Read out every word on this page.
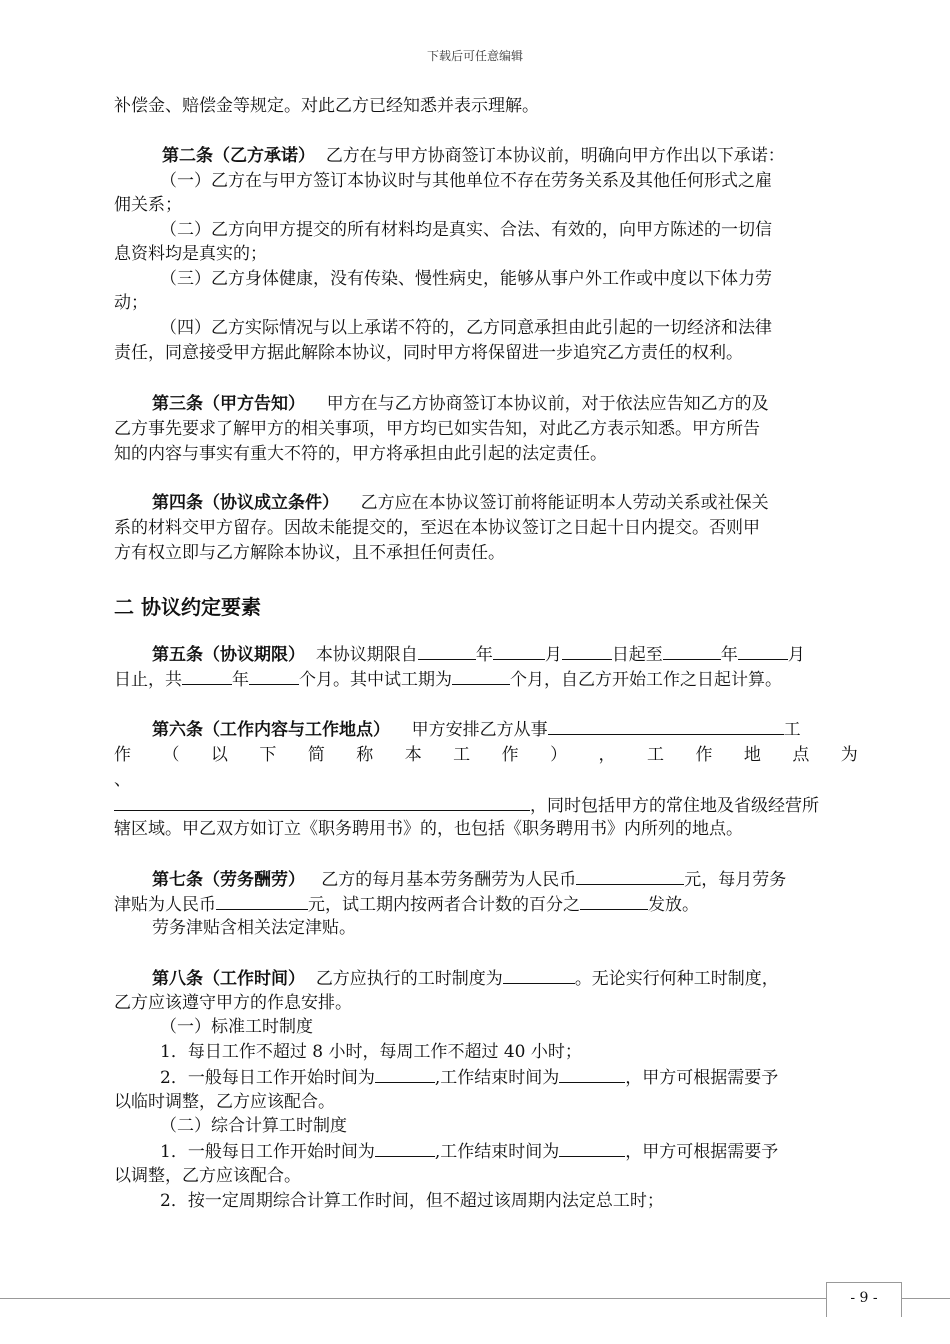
下载后可任意编辑
补偿金、赔偿金等规定。对此乙方已经知悉并表示理解。
第二条（乙方承诺） 乙方在与甲方协商签订本协议前，明确向甲方作出以下承诺：
（一）乙方在与甲方签订本协议时与其他单位不存在劳务关系及其他任何形式之雇
佣关系；
（二）乙方向甲方提交的所有材料均是真实、合法、有效的，向甲方陈述的一切信
息资料均是真实的；
（三）乙方身体健康，没有传染、慢性病史，能够从事户外工作或中度以下体力劳
动；
（四）乙方实际情况与以上承诺不符的，乙方同意承担由此引起的一切经济和法律
责任，同意接受甲方据此解除本协议，同时甲方将保留进一步追究乙方责任的权利。
第三条（甲方告知） 甲方在与乙方协商签订本协议前，对于依法应告知乙方的及
乙方事先要求了解甲方的相关事项，甲方均已如实告知，对此乙方表示知悉。甲方所告
知的内容与事实有重大不符的，甲方将承担由此引起的法定责任。
第四条（协议成立条件） 乙方应在本协议签订前将能证明本人劳动关系或社保关
系的材料交甲方留存。因故未能提交的，至迟在本协议签订之日起十日内提交。否则甲
方有权立即与乙方解除本协议，且不承担任何责任。
二 协议约定要素
第五条（协议期限） 本协议期限自	年	月	日起至	年	月
日止，共	年	个月。其中试工期为	个月，自乙方开始工作之日起计算。
第六条（工作内容与工作地点） 甲方安排乙方从事	工
作 （ 以 下 简 称 本 工 作 ） ， 工 作 地 点 为
、
，同时包括甲方的常住地及省级经营所
辖区域。甲乙双方如订立《职务聘用书》的，也包括《职务聘用书》内所列的地点。
第七条（劳务酬劳） 乙方的每月基本劳务酬劳为人民币	元，每月劳务
津贴为人民币	元，试工期内按两者合计数的百分之	发放。
劳务津贴含相关法定津贴。
第八条（工作时间） 乙方应执行的工时制度为	。无论实行何种工时制度，
乙方应该遵守甲方的作息安排。
（一）标准工时制度
1．每日工作不超过 8 小时，每周工作不超过 40 小时；
2．一般每日工作开始时间为	,工作结束时间为	，甲方可根据需要予
以临时调整，乙方应该配合。
（二）综合计算工时制度
1．一般每日工作开始时间为	,工作结束时间为	，甲方可根据需要予
以调整，乙方应该配合。
2．按一定周期综合计算工作时间，但不超过该周期内法定总工时；
- 9 -
